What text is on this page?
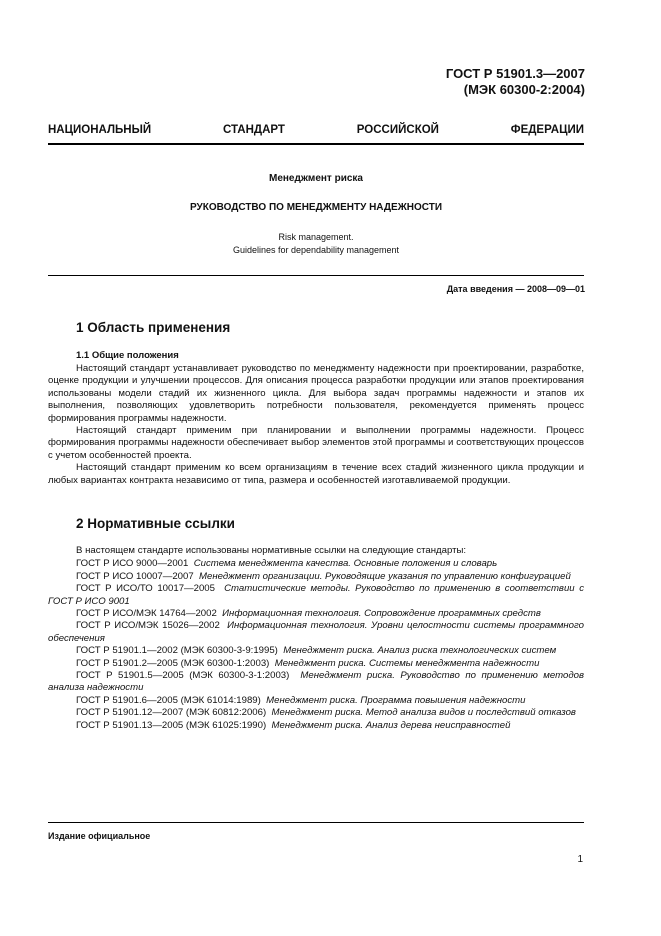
ГОСТ Р 51901.3—2007
(МЭК 60300-2:2004)
НАЦИОНАЛЬНЫЙ	СТАНДАРТ	РОССИЙСКОЙ	ФЕДЕРАЦИИ
Менеджмент риска
РУКОВОДСТВО ПО МЕНЕДЖМЕНТУ НАДЕЖНОСТИ
Risk management.
Guidelines for dependability management
Дата введения — 2008—09—01
1 Область применения
1.1 Общие положения

Настоящий стандарт устанавливает руководство по менеджменту надежности при проектировании, разработке, оценке продукции и улучшении процессов. Для описания процесса разработки продукции или этапов проектирования использованы модели стадий их жизненного цикла. Для выбора задач программы надежности и этапов их выполнения, позволяющих удовлетворить потребности пользователя, рекомендуется применять процесс формирования программы надежности.

Настоящий стандарт применим при планировании и выполнении программы надежности. Процесс формирования программы надежности обеспечивает выбор элементов этой программы и соответствующих процессов с учетом особенностей проекта.

Настоящий стандарт применим ко всем организациям в течение всех стадий жизненного цикла продукции и любых вариантах контракта независимо от типа, размера и особенностей изготавливаемой продукции.

2 Нормативные ссылки

В настоящем стандарте использованы нормативные ссылки на следующие стандарты:

ГОСТ Р ИСО 9000—2001 Система менеджмента качества. Основные положения и словарь

ГОСТ Р ИСО 10007—2007 Менеджмент организации. Руководящие указания по управлению конфигурацией

ГОСТ Р ИСО/ТО 10017—2005 Статистические методы. Руководство по применению в соответствии с ГОСТ Р ИСО 9001

ГОСТ Р ИСО/МЭК 14764—2002 Информационная технология. Сопровождение программных средств

ГОСТ Р ИСО/МЭК 15026—2002 Информационная технология. Уровни целостности системы программного обеспечения

ГОСТ Р 51901.1—2002 (МЭК 60300-3-9:1995) Менеджмент риска. Анализ риска технологических систем

ГОСТ Р 51901.2—2005 (МЭК 60300-1:2003) Менеджмент риска. Системы менеджмента надежности

ГОСТ Р 51901.5—2005 (МЭК 60300-3-1:2003) Менеджмент риска. Руководство по применению методов анализа надежности

ГОСТ Р 51901.6—2005 (МЭК 61014:1989) Менеджмент риска. Программа повышения надежности

ГОСТ Р 51901.12—2007 (МЭК 60812:2006) Менеджмент риска. Метод анализа видов и последствий отказов

ГОСТ Р 51901.13—2005 (МЭК 61025:1990) Менеджмент риска. Анализ дерева неисправностей

Издание официальное
1
